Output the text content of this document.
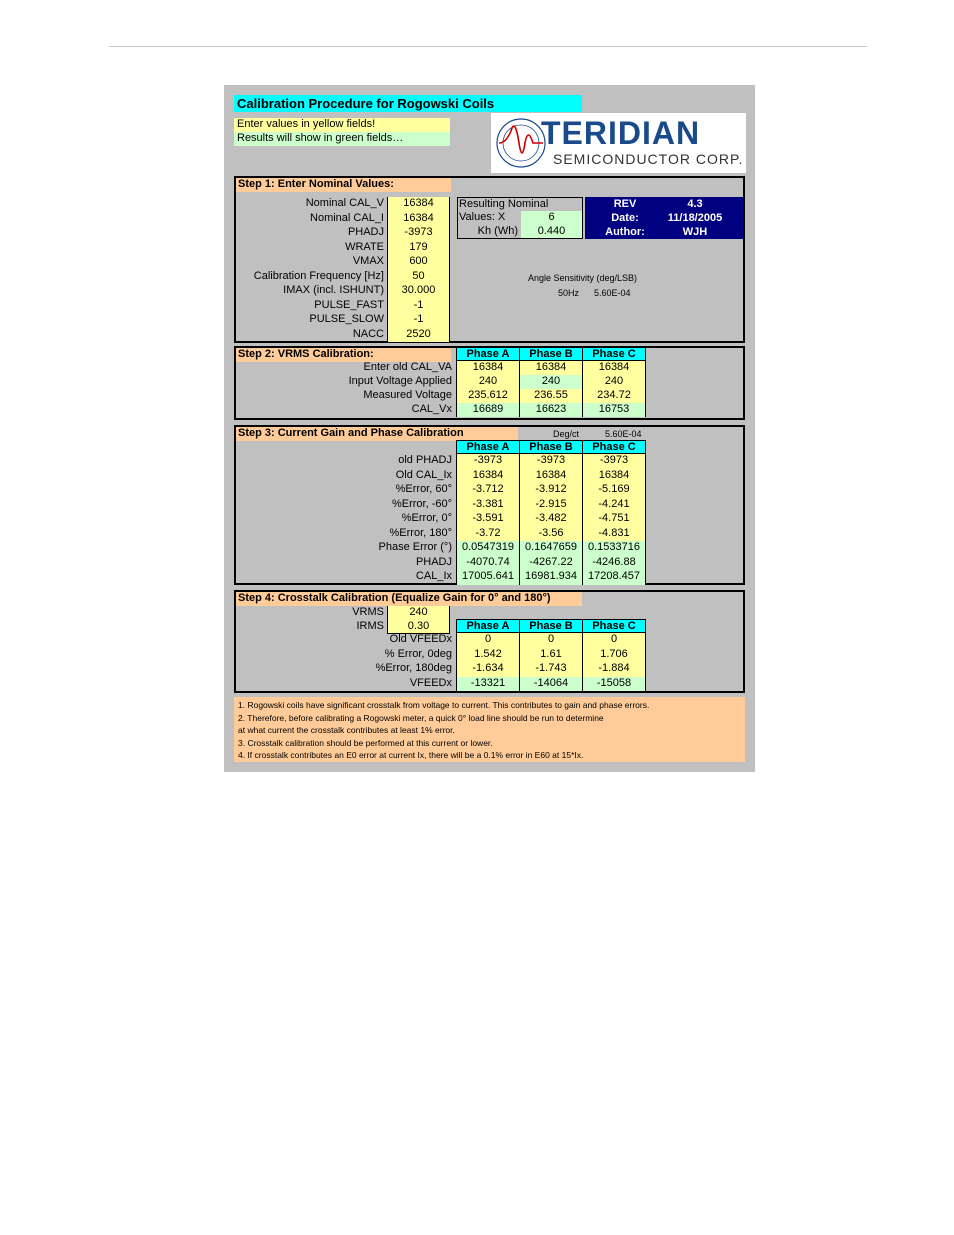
Calibration Procedure for Rogowski Coils
Enter values in yellow fields!
Results will show in green fields…	TERIDIAN
SEMICONDUCTOR CORP.
Step 1: Enter Nominal Values:
Resulting Nominal
Values: X	6
Kh (Wh)	0.440
REV	4.3
Date:	11/18/2005
Author:	WJH
Angle Sensitivity (deg/LSB)
50Hz 5.60E-04
Step 2: VRMS Calibration:
Step 3: Current Gain and Phase Calibration	Deg/ct	5.60E-04
Step 4: Crosstalk Calibration (Equalize Gain for 0° and 180°)
VRMS	240
IRMS	0.30
1. Rogowski coils have significant crosstalk from voltage to current. This contributes to gain and phase errors.
2. Therefore, before calibrating a Rogowski meter, a quick 0° load line should be run to determine
at what current the crosstalk contributes at least 1% error.
3. Crosstalk calibration should be performed at this current or lower.
4. If crosstalk contributes an E0 error at current Ix, there will be a 0.1% error in E60 at 15*Ix.
Nominal CAL_V	16384
Nominal CAL_I	16384
PHADJ	-3973
WRATE	179
VMAX	600
Calibration Frequency [Hz]	50
IMAX (incl. ISHUNT)	30.000
PULSE_FAST	-1
PULSE_SLOW	-1
NACC	2520
Phase A	Phase B	Phase C
Enter old CAL_VA	16384	16384	16384
Input Voltage Applied	240	240	240
Measured Voltage	235.612	236.55	234.72
CAL_Vx	16689	16623	16753
Phase A	Phase B	Phase C
old PHADJ	-3973	-3973	-3973
Old CAL_Ix	16384	16384	16384
%Error, 60°	-3.712	-3.912	-5.169
%Error, -60°	-3.381	-2.915	-4.241
%Error, 0°	-3.591	-3.482	-4.751
%Error, 180°	-3.72	-3.56	-4.831
Phase Error (°) 0.0547319	0.1647659	0.1533716
PHADJ	-4070.74	-4267.22	-4246.88
CAL_Ix 17005.641	16981.934	17208.457
Phase A	Phase B	Phase C
Old VFEEDx	0	0	0
% Error, 0deg	1.542	1.61	1.706
%Error, 180deg	-1.634	-1.743	-1.884
VFEEDx	-13321	-14064	-15058
